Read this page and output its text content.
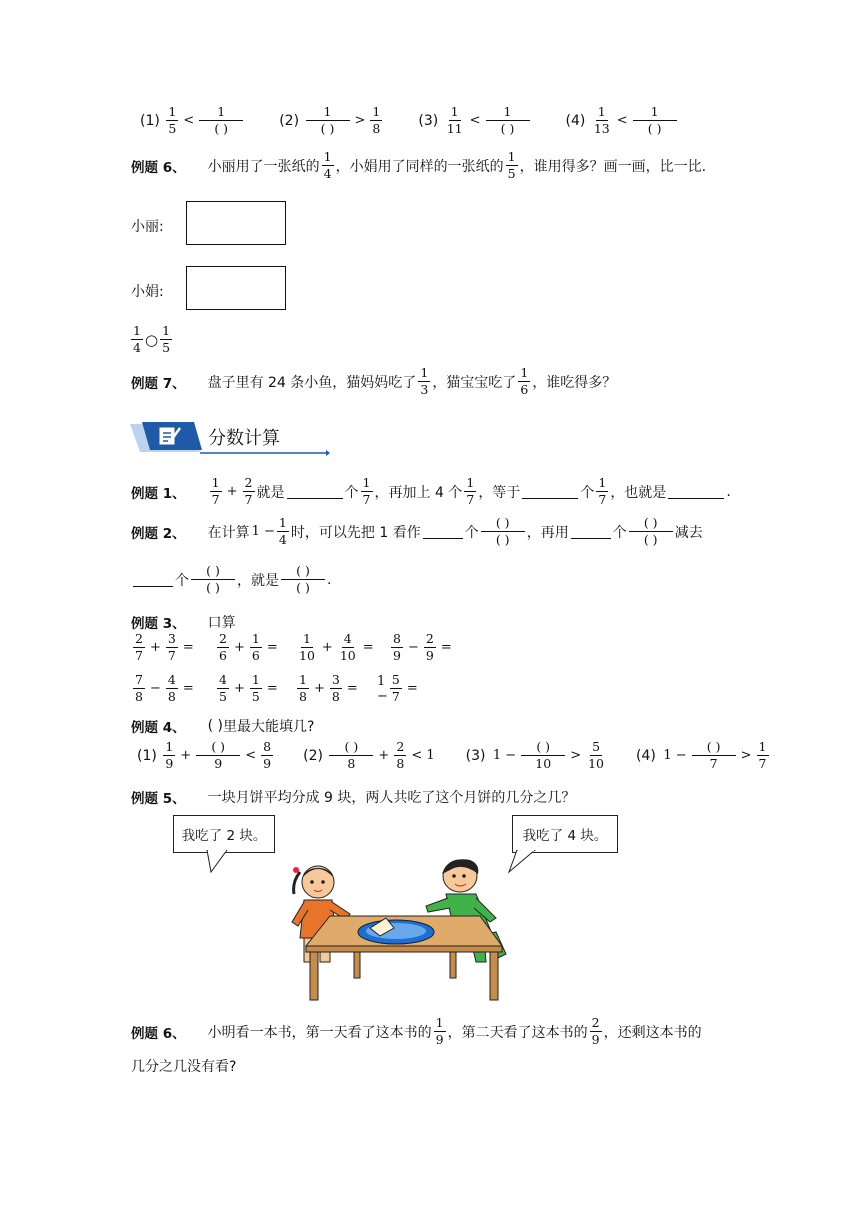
(1)
$\frac{1}{5} < \frac{1}{( )}$	(2)
$\frac{1}{( )} > \frac{1}{8}$	(3)
$\frac{1}{11} < \frac{1}{( )}$	(4)
$\frac{1}{13} < \frac{1}{( )}$
例题 6、 小丽用了一张纸的 $\frac{1}{4}$ ，小娟用了同样的一张纸的 $\frac{1}{5}$ ，谁用得多？画一画，比一比.
小丽:
小娟:
$\frac{1}{4}$ ○ $\frac{1}{5}$
例题 7、 盘子里有 24 条小鱼，猫妈妈吃了 $\frac{1}{3}$ ，猫宝宝吃了 $\frac{1}{6}$ ，谁吃得多？
分数计算
例题 1、 $\frac{1}{7} + \frac{2}{7}$ 就是	个 $\frac{1}{7}$ ，再加上 4 个 $\frac{1}{7}$ ，等于	个 $\frac{1}{7}$ ，也就是	.
例题 2、 在计算 $1 - \frac{1}{4}$ 时，可以先把 1 看作	个 $\frac{( )}{( )}$ ，再用	个 $\frac{( )}{( )}$ 减去
个 $\frac{( )}{( )}$ ，就是 $\frac{( )}{( )}$ .
例题 3、 口算
$\frac{2}{7} + \frac{3}{7} = \frac{2}{6} + \frac{1}{6} = \frac{1}{10} + \frac{4}{10} = \frac{8}{9} - \frac{2}{9}$ =
$\frac{7}{8} - \frac{4}{8} = \frac{4}{5} + \frac{1}{5} = \frac{1}{8} + \frac{3}{8} = 1 - \frac{5}{7}$ =
例题 4、 ( ) 里最大能填几?
(1)
$\frac{1}{9} + \frac{( )}{9} < \frac{8}{9} (2)$
$\frac{( )}{8} + \frac{2}{8} < 1$ (3)
$1 - \frac{( )}{10} > \frac{5}{10} (4)$
$1 - \frac{( )}{7} > \frac{1}{7}$
例题 5、 一块月饼平均分成 9 块，两人共吃了这个月饼的几分之几？
我吃了 2 块。	我吃了 4 块。
例题 6、 小明看一本书，第一天看了这本书的 $\frac{1}{9}$ ，第二天看了这本书的 $\frac{2}{9}$ ，还剩这本书的
几分之几没有看?
